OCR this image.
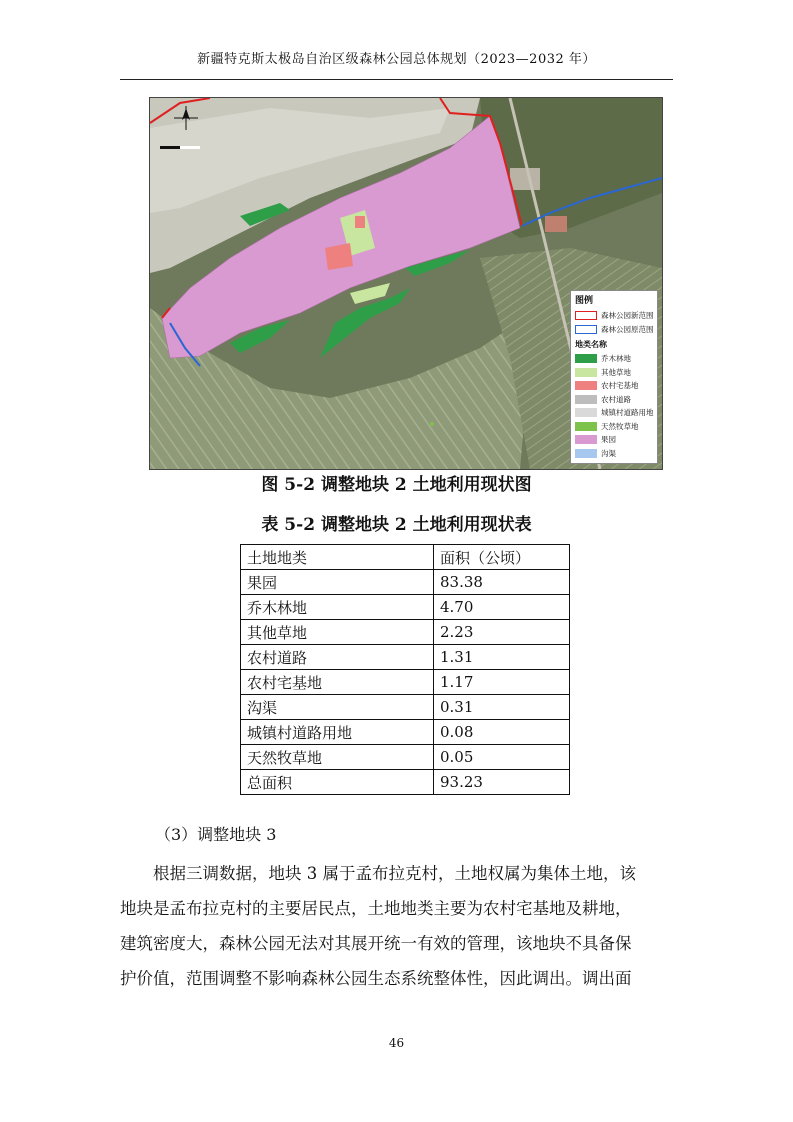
新疆特克斯太极岛自治区级森林公园总体规划（2023—2032 年）
图例
森林公园新范围
森林公园原范围
地类名称
乔木林地
其他草地
农村宅基地
农村道路
城镇村道路用地
天然牧草地
果园
沟渠
图 5-2 调整地块 2 土地利用现状图
表 5-2 调整地块 2 土地利用现状表
土地地类	面积（公顷）
果园	83.38
乔木林地	4.70
其他草地	2.23
农村道路	1.31
农村宅基地	1.17
沟渠	0.31
城镇村道路用地	0.08
天然牧草地	0.05
总面积	93.23
（3）调整地块 3
根据三调数据，地块 3 属于孟布拉克村，土地权属为集体土地，该
地块是孟布拉克村的主要居民点，土地地类主要为农村宅基地及耕地，
建筑密度大，森林公园无法对其展开统一有效的管理，该地块不具备保
护价值，范围调整不影响森林公园生态系统整体性，因此调出。调出面
46
